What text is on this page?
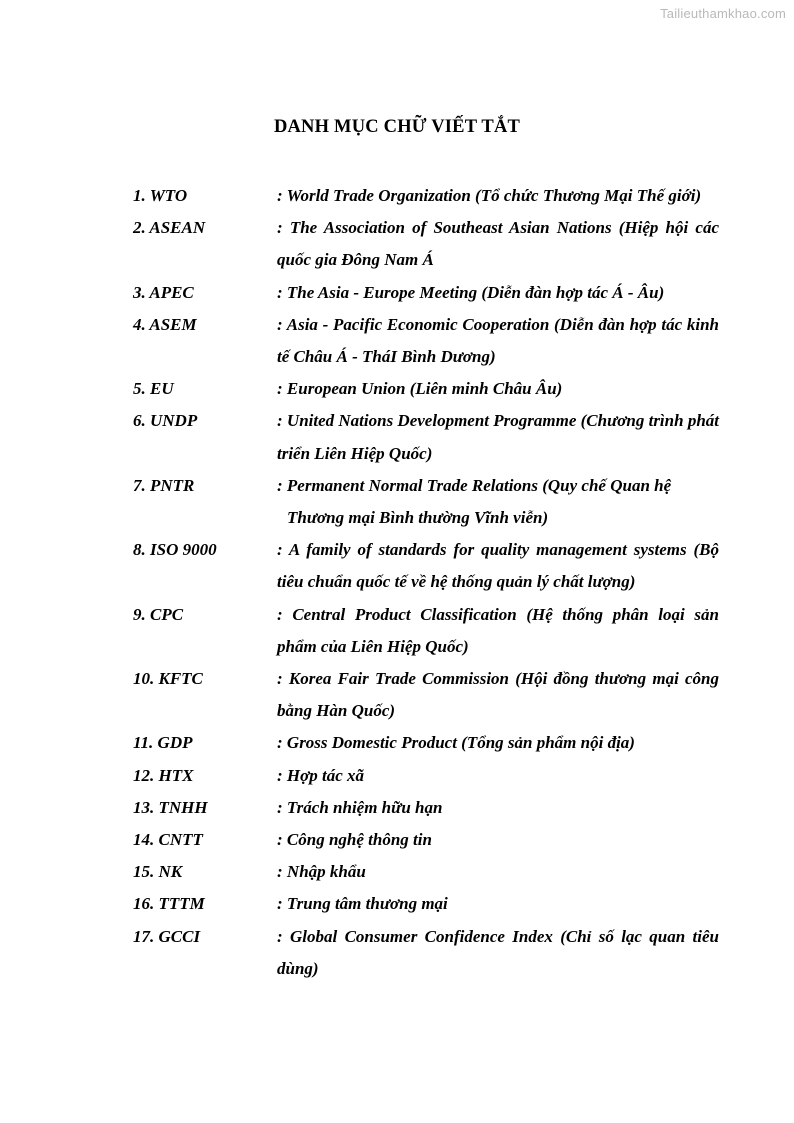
Tailieuthamkhao.com
DANH MỤC CHỮ VIẾT TẮT
1. WTO	: World Trade Organization (Tổ chức Thương Mại Thế giới)
2. ASEAN	: The Association of Southeast Asian Nations (Hiệp hội các quốc gia Đông Nam Á
3. APEC	: The Asia - Europe Meeting (Diễn đàn hợp tác Á - Âu)
4. ASEM	: Asia - Pacific Economic Cooperation (Diễn đàn hợp tác kinh tế Châu Á - TháI Bình Dương)
5. EU	: European Union (Liên minh Châu Âu)
6. UNDP	: United Nations Development Programme (Chương trình phát triển Liên Hiệp Quốc)
7. PNTR	: Permanent Normal Trade Relations (Quy chế Quan hệ
Thương mại Bình thường Vĩnh viễn)
8. ISO 9000	: A family of standards for quality management systems (Bộ tiêu chuẩn quốc tế về hệ thống quản lý chất lượng)
9. CPC	: Central Product Classification (Hệ thống phân loại sản phẩm của Liên Hiệp Quốc)
10. KFTC	: Korea Fair Trade Commission (Hội đồng thương mại công bằng Hàn Quốc)
11. GDP	: Gross Domestic Product (Tổng sản phẩm nội địa)
12. HTX	: Hợp tác xã
13. TNHH	: Trách nhiệm hữu hạn
14. CNTT	: Công nghệ thông tin
15. NK	: Nhập khẩu
16. TTTM	: Trung tâm thương mại
17. GCCI	: Global Consumer Confidence Index (Chỉ số lạc quan tiêu dùng)
